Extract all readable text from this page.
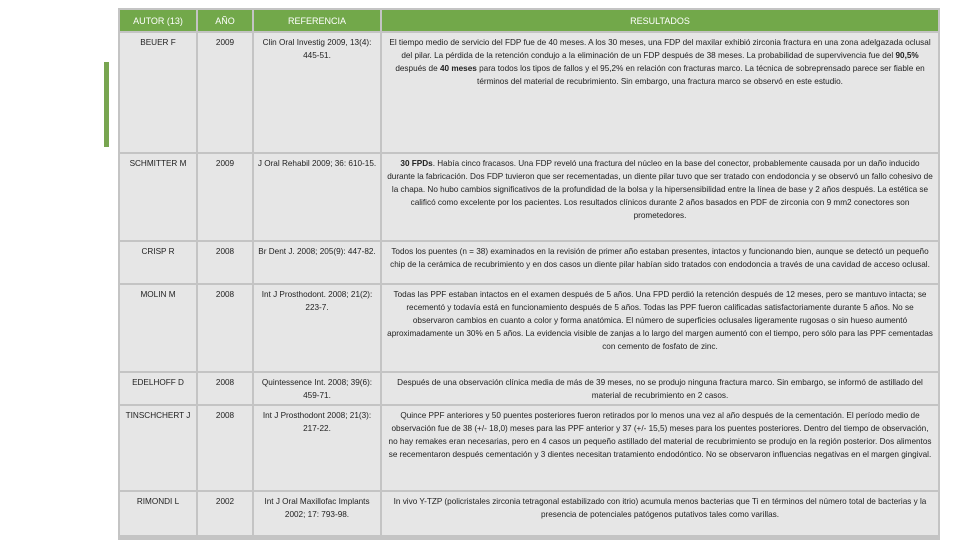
AUTOR (13)	AÑO	REFERENCIA	RESULTADOS
BEUER F	2009	Clin Oral Investig 2009, 13(4): 445-51.	El tiempo medio de servicio del FDP fue de 40 meses. A los 30 meses, una FDP del maxilar exhibió zirconia fractura en una zona adelgazada oclusal del pilar. La pérdida de la retención condujo a la eliminación de un FDP después de 38 meses. La probabilidad de supervivencia fue del 90,5% después de 40 meses para todos los tipos de fallos y el 95,2% en relación con fracturas marco. La técnica de sobreprensado parece ser fiable en términos del material de recubrimiento. Sin embargo, una fractura marco se observó en este estudio.
SCHMITTER M	2009	J Oral Rehabil 2009; 36: 610-15.	30 FPDs. Había cinco fracasos. Una FDP reveló una fractura del núcleo en la base del conector, probablemente causada por un daño inducido durante la fabricación. Dos FDP tuvieron que ser recementadas, un diente pilar tuvo que ser tratado con endodoncia y se observó un fallo cohesivo de la chapa. No hubo cambios significativos de la profundidad de la bolsa y la hipersensibilidad entre la línea de base y 2 años después. La estética se calificó como excelente por los pacientes. Los resultados clínicos durante 2 años basados en PDF de zirconia con 9 mm2 conectores son prometedores.
CRISP R	2008	Br Dent J. 2008; 205(9): 447-82.	Todos los puentes (n = 38) examinados en la revisión de primer año estaban presentes, intactos y funcionando bien, aunque se detectó un pequeño chip de la cerámica de recubrimiento y en dos casos un diente pilar habían sido tratados con endodoncia a través de una cavidad de acceso oclusal.
MOLIN M	2008	Int J Prosthodont. 2008; 21(2): 223-7.	Todas las PPF estaban intactos en el examen después de 5 años. Una FPD perdió la retención después de 12 meses, pero se mantuvo intacta; se recementó y todavía está en funcionamiento después de 5 años. Todas las PPF fueron calificadas satisfactoriamente durante 5 años. No se observaron cambios en cuanto a color y forma anatómica. El número de superficies oclusales ligeramente rugosas o sin hueso aumentó aproximadamente un 30% en 5 años. La evidencia visible de zanjas a lo largo del margen aumentó con el tiempo, pero sólo para las PPF cementadas con cemento de fosfato de zinc.
EDELHOFF D	2008	Quintessence Int. 2008; 39(6): 459-71.	Después de una observación clínica media de más de 39 meses, no se produjo ninguna fractura marco. Sin embargo, se informó de astillado del material de recubrimiento en 2 casos.
TINSCHCHERT J	2008	Int J Prosthodont 2008; 21(3): 217-22.	Quince PPF anteriores y 50 puentes posteriores fueron retirados por lo menos una vez al año después de la cementación. El período medio de observación fue de 38 (+/- 18,0) meses para las PPF anterior y 37 (+/- 15,5) meses para los puentes posteriores. Dentro del tiempo de observación, no hay remakes eran necesarias, pero en 4 casos un pequeño astillado del material de recubrimiento se produjo en la región posterior. Dos alimentos se recementaron después cementación y 3 dientes necesitan tratamiento endodóntico. No se observaron influencias negativas en el margen gingival.
RIMONDI L	2002	Int J Oral Maxillofac Implants 2002; 17: 793-98.	In vivo Y-TZP (policristales zirconia tetragonal estabilizado con itrio) acumula menos bacterias que Ti en términos del número total de bacterias y la presencia de potenciales patógenos putativos tales como varillas.
